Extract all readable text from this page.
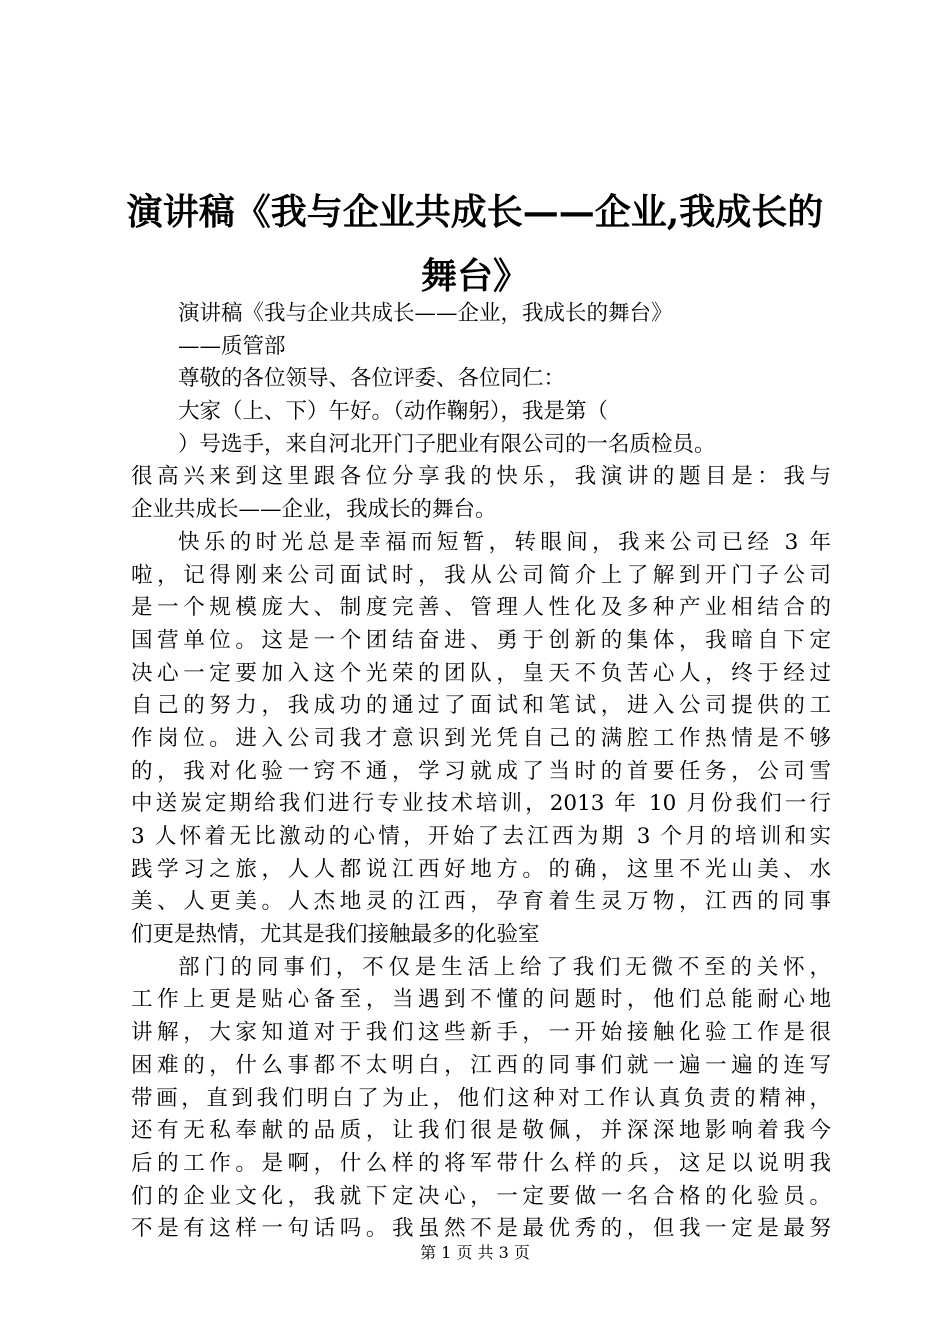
演讲稿《我与企业共成长——企业,我成长的
舞台》
演讲稿《我与企业共成长——企业，我成长的舞台》
——质管部
尊敬的各位领导、各位评委、各位同仁：
大家（上、下）午好。（动作鞠躬），我是第（
）号选手，来自河北开门子肥业有限公司的一名质检员。
很高兴来到这里跟各位分享我的快乐，我演讲的题目是：我与
企业共成长——企业，我成长的舞台。
快乐的时光总是幸福而短暂，转眼间，我来公司已经 3 年
啦，记得刚来公司面试时，我从公司简介上了解到开门子公司
是一个规模庞大、制度完善、管理人性化及多种产业相结合的
国营单位。这是一个团结奋进、勇于创新的集体，我暗自下定
决心一定要加入这个光荣的团队，皇天不负苦心人，终于经过
自己的努力，我成功的通过了面试和笔试，进入公司提供的工
作岗位。进入公司我才意识到光凭自己的满腔工作热情是不够
的，我对化验一窍不通，学习就成了当时的首要任务，公司雪
中送炭定期给我们进行专业技术培训，2013 年 10 月份我们一行
3 人怀着无比激动的心情，开始了去江西为期 3 个月的培训和实
践学习之旅，人人都说江西好地方。的确，这里不光山美、水
美、人更美。人杰地灵的江西，孕育着生灵万物，江西的同事
们更是热情，尤其是我们接触最多的化验室
部门的同事们，不仅是生活上给了我们无微不至的关怀，
工作上更是贴心备至，当遇到不懂的问题时，他们总能耐心地
讲解，大家知道对于我们这些新手，一开始接触化验工作是很
困难的，什么事都不太明白，江西的同事们就一遍一遍的连写
带画，直到我们明白了为止，他们这种对工作认真负责的精神，
还有无私奉献的品质，让我们很是敬佩，并深深地影响着我今
后的工作。是啊，什么样的将军带什么样的兵，这足以说明我
们的企业文化，我就下定决心，一定要做一名合格的化验员。
不是有这样一句话吗。我虽然不是最优秀的，但我一定是最努
第 1 页 共 3 页
